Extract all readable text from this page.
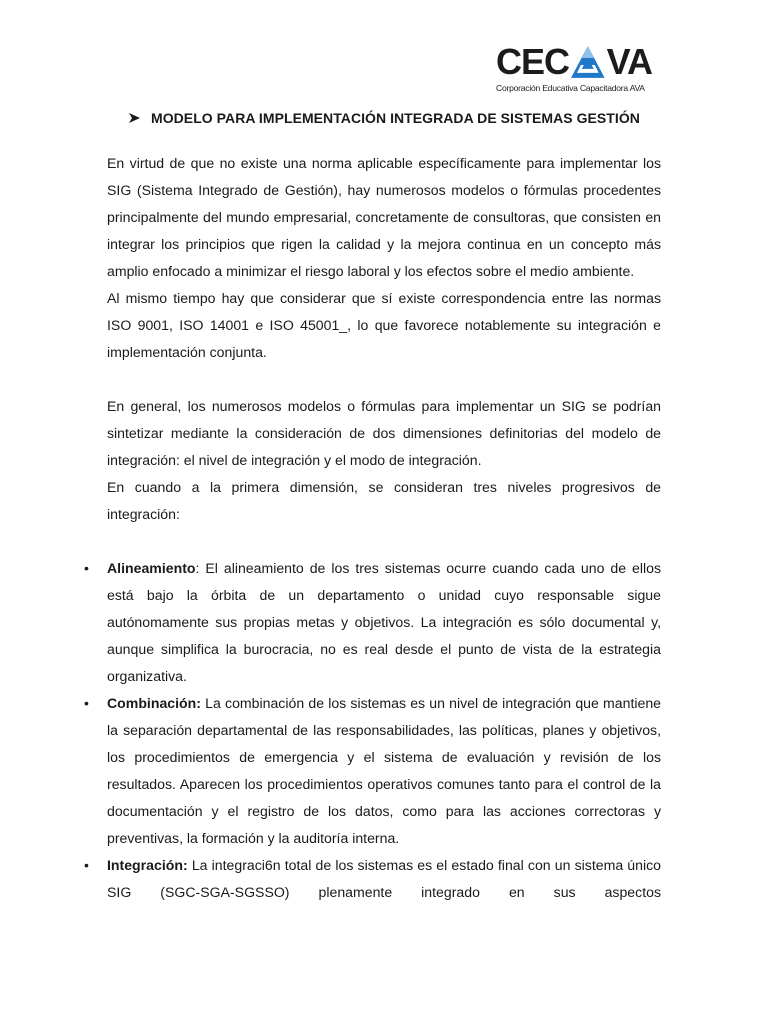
CEC VA
Corporación Educativa Capacitadora AVA
MODELO PARA IMPLEMENTACIÓN INTEGRADA DE SISTEMAS GESTIÓN

En virtud de que no existe una norma aplicable específicamente para implementar los SIG (Sistema Integrado de Gestión), hay numerosos modelos o fórmulas procedentes principalmente del mundo empresarial, concretamente de consultoras, que consisten en integrar los principios que rigen la calidad y la mejora continua en un concepto más amplio enfocado a minimizar el riesgo laboral y los efectos sobre el medio ambiente.

Al mismo tiempo hay que considerar que sí existe correspondencia entre las normas ISO 9001, ISO 14001 e ISO 45001_, lo que favorece notablemente su integración e implementación conjunta.

En general, los numerosos modelos o fórmulas para implementar un SIG se podrían sintetizar mediante la consideración de dos dimensiones definitorias del modelo de integración: el nivel de integración y el modo de integración.

En cuando a la primera dimensión, se consideran tres niveles progresivos de integración:

• Alineamiento: El alineamiento de los tres sistemas ocurre cuando cada uno de ellos está bajo la órbita de un departamento o unidad cuyo responsable sigue autónomamente sus propias metas y objetivos. La integración es sólo documental y, aunque simplifica la burocracia, no es real desde el punto de vista de la estrategia organizativa.
• Combinación: La combinación de los sistemas es un nivel de integración que mantiene la separación departamental de las responsabilidades, las políticas, planes y objetivos, los procedimientos de emergencia y el sistema de evaluación y revisión de los resultados. Aparecen los procedimientos operativos comunes tanto para el control de la documentación y el registro de los datos, como para las acciones correctoras y preventivas, la formación y la auditoría interna.
• Integración: La integraci6n total de los sistemas es el estado final con un sistema único SIG (SGC-SGA-SGSSO) plenamente integrado en sus aspectos
